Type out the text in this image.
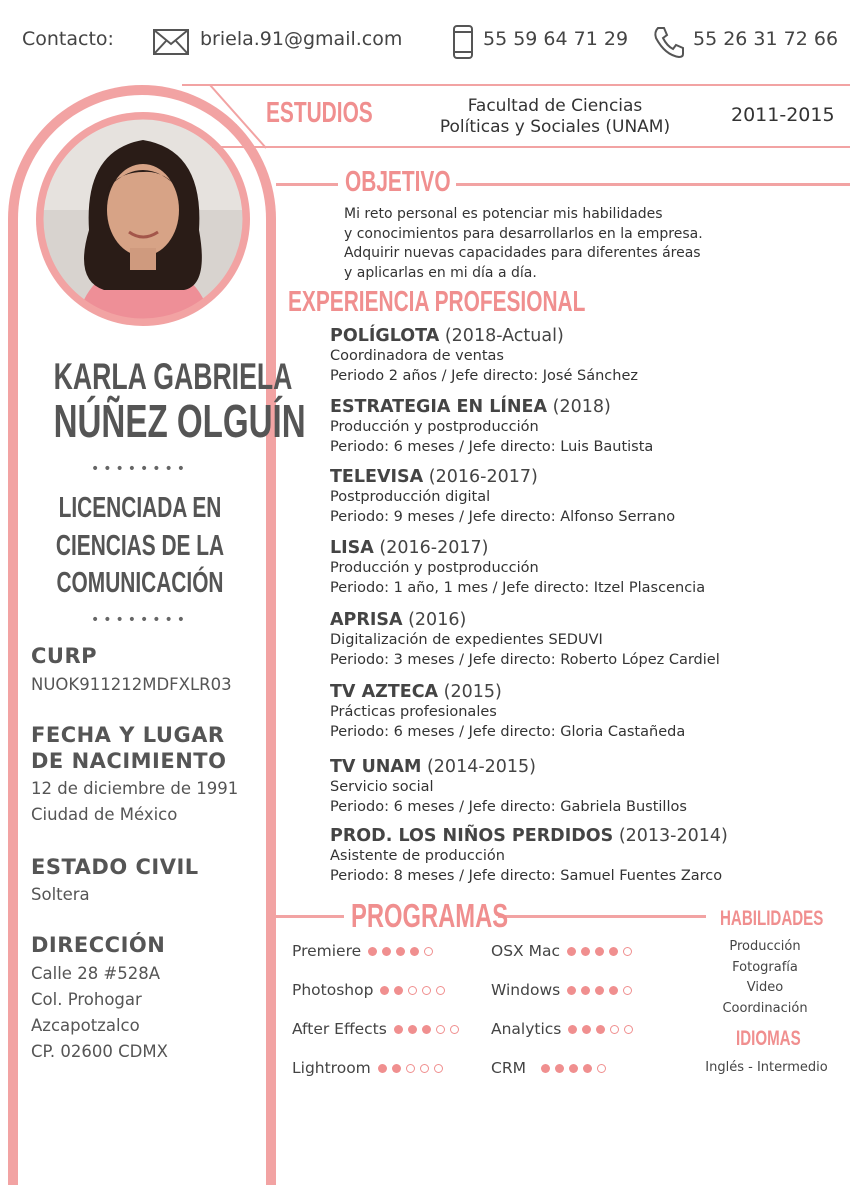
Contacto:	briela.91@gmail.com	55 59 64 71 29	55 26 31 72 66
KARLA GABRIELA
NÚÑEZ OLGUÍN
••••••••
LICENCIADA EN
CIENCIAS DE LA
COMUNICACIÓN
••••••••
CURP
NUOK911212MDFXLR03
FECHA Y LUGAR
DE NACIMIENTO
12 de diciembre de 1991
Ciudad de México
ESTADO CIVIL
Soltera
DIRECCIÓN
Calle 28 #528A
Col. Prohogar
Azcapotzalco
CP. 02600 CDMX
ESTUDIOS	Facultad de Ciencias
Políticas y Sociales (UNAM)
2011-2015
OBJETIVO
Mi reto personal es potenciar mis habilidades
y conocimientos para desarrollarlos en la empresa.
Adquirir nuevas capacidades para diferentes áreas
y aplicarlas en mi día a día.
EXPERIENCIA PROFESIONAL
POLÍGLOTA (2018-Actual)
Coordinadora de ventas
Periodo 2 años / Jefe directo: José Sánchez
ESTRATEGIA EN LÍNEA (2018)
Producción y postproducción
Periodo: 6 meses / Jefe directo: Luis Bautista
TELEVISA (2016-2017)
Postproducción digital
Periodo: 9 meses / Jefe directo: Alfonso Serrano
LISA (2016-2017)
Producción y postproducción
Periodo: 1 año, 1 mes / Jefe directo: Itzel Plascencia
APRISA (2016)
Digitalización de expedientes SEDUVI
Periodo: 3 meses / Jefe directo: Roberto López Cardiel
TV AZTECA (2015)
Prácticas profesionales
Periodo: 6 meses / Jefe directo: Gloria Castañeda
TV UNAM (2014-2015)
Servicio social
Periodo: 6 meses / Jefe directo: Gabriela Bustillos
PROD. LOS NIÑOS PERDIDOS (2013-2014)
Asistente de producción
Periodo: 8 meses / Jefe directo: Samuel Fuentes Zarco
PROGRAMAS
Premiere	OSX Mac
Photoshop	Windows
After Effects	Analytics
Lightroom	CRM
HABILIDADES
Producción
Fotografía
Video
Coordinación
IDIOMAS
Inglés - Intermedio
